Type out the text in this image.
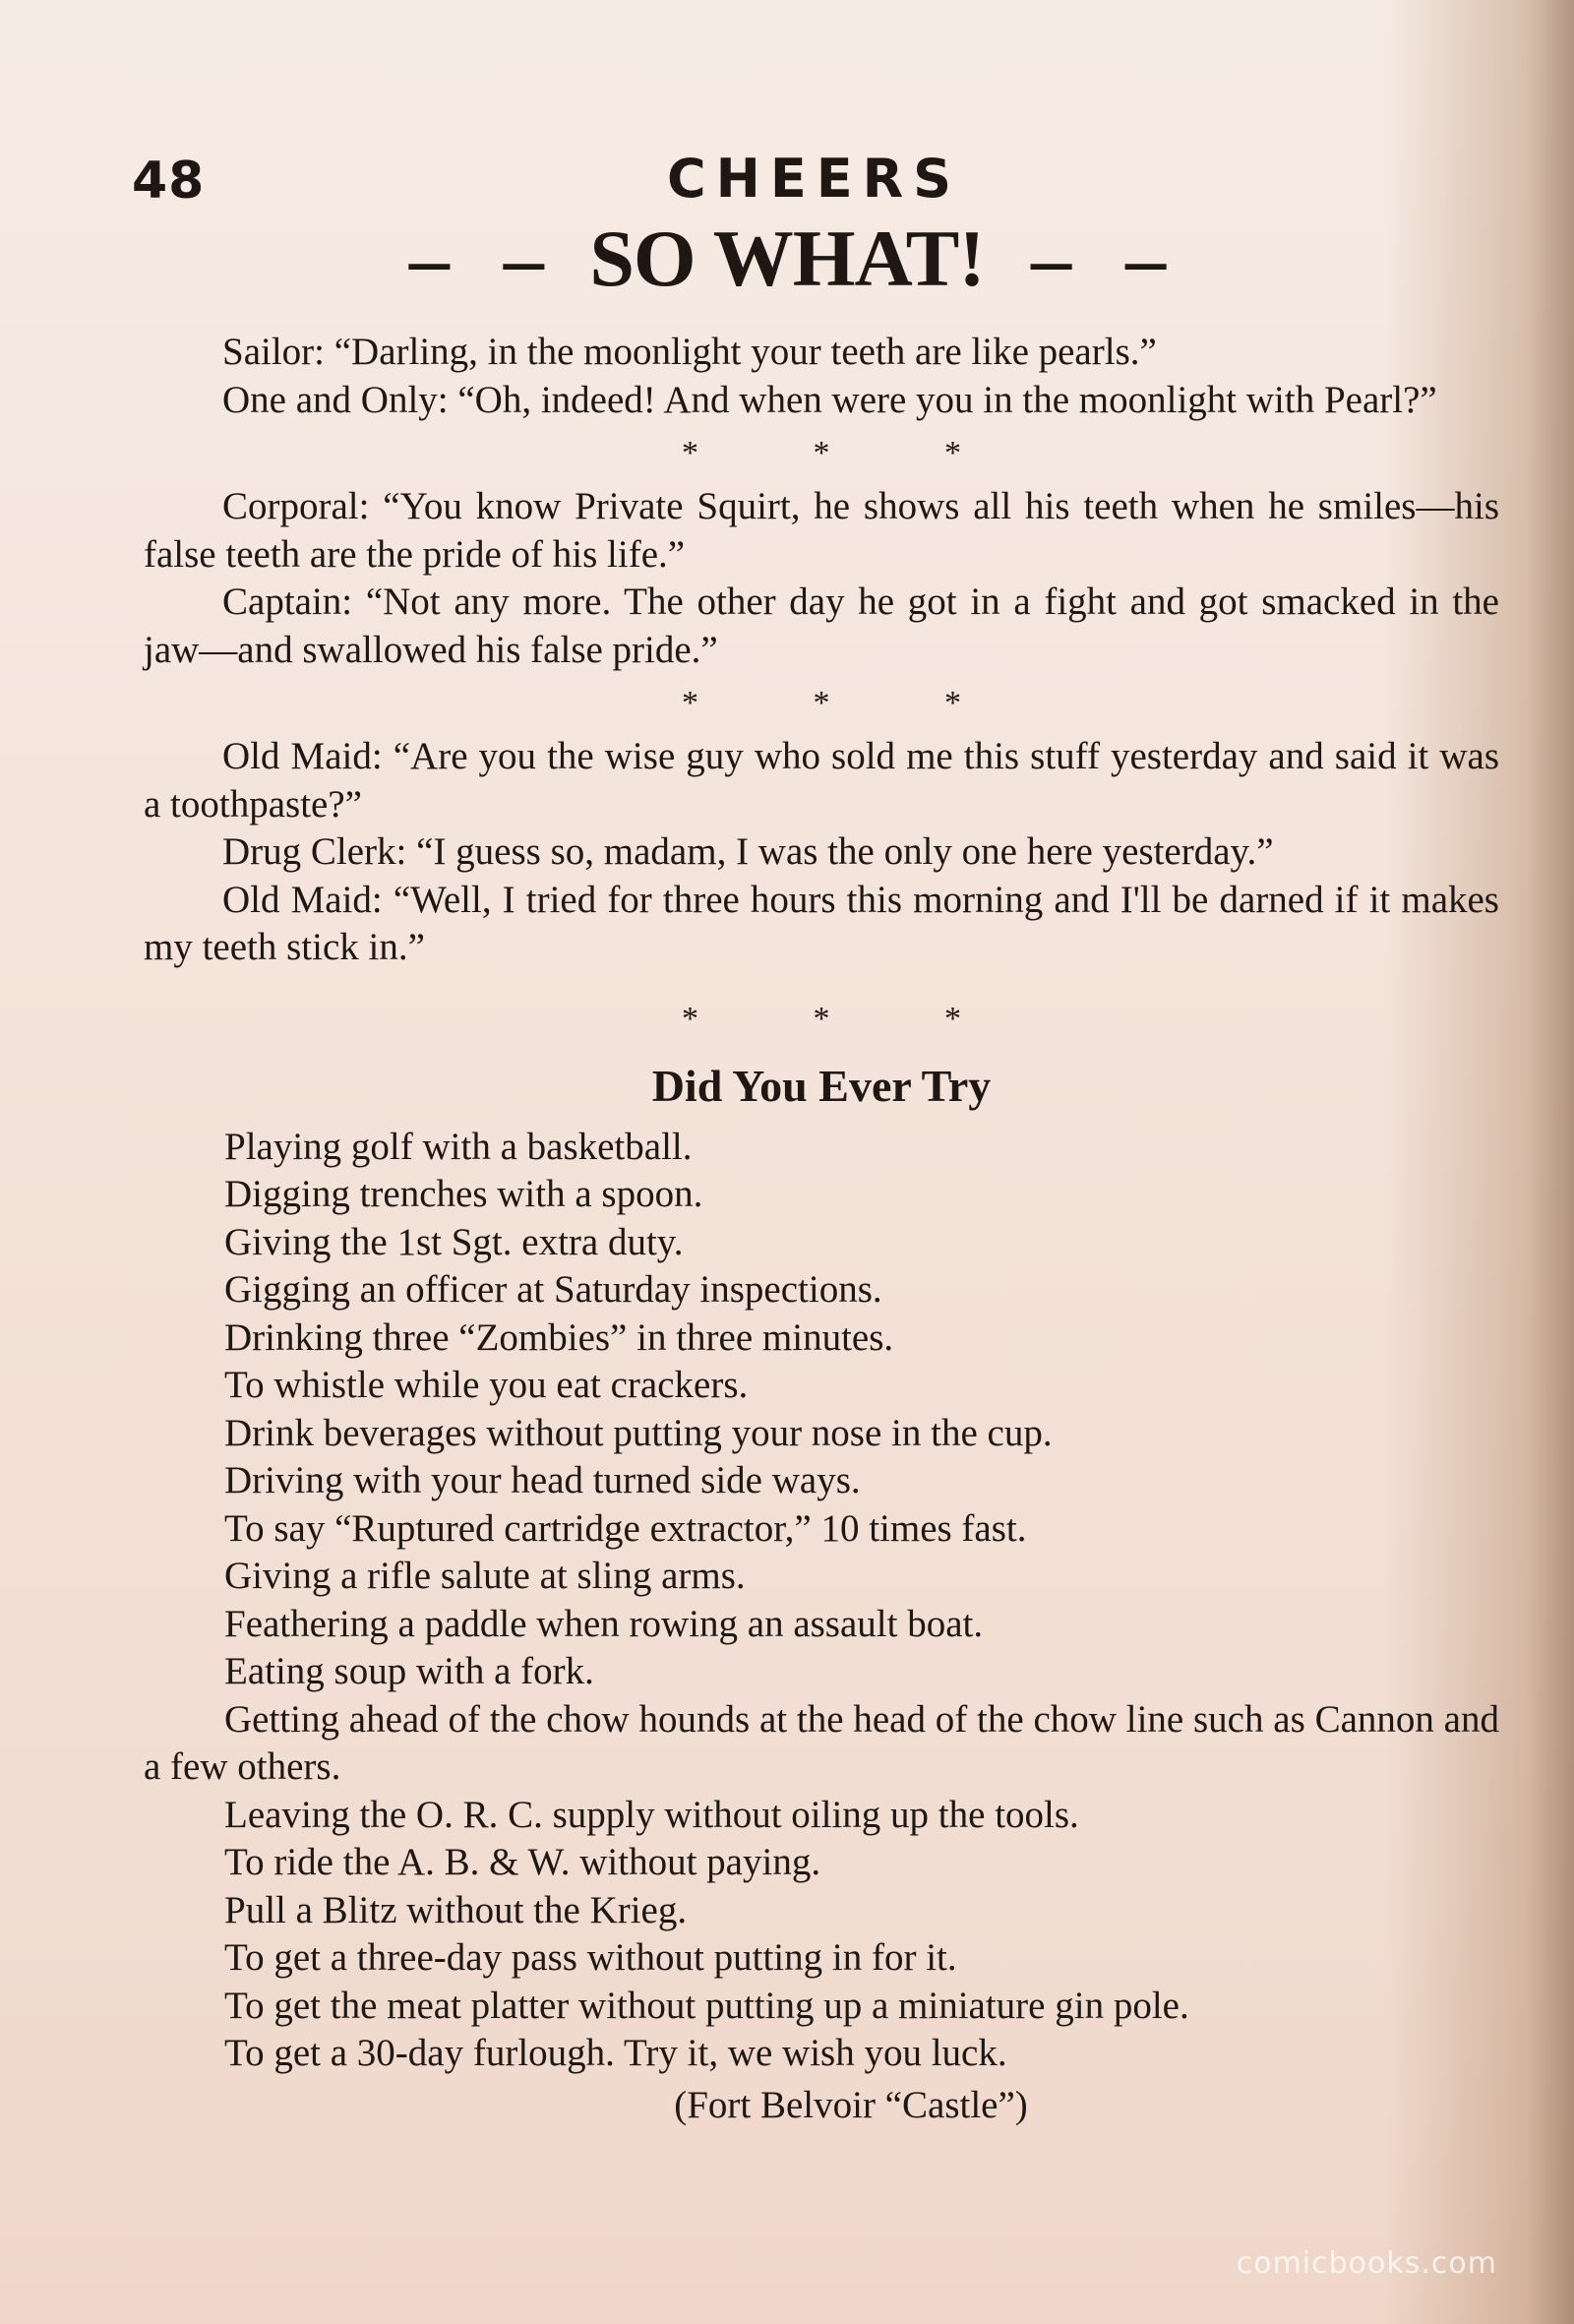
48	CHEERS
– – SO WHAT! – –

Sailor: “Darling, in the moonlight your teeth are like pearls.”

One and Only: “Oh, indeed! And when were you in the moonlight with Pearl?”

* * *

Corporal: “You know Private Squirt, he shows all his teeth when he smiles—his false teeth are the pride of his life.”

Captain: “Not any more. The other day he got in a fight and got smacked in the jaw—and swallowed his false pride.”

* * *

Old Maid: “Are you the wise guy who sold me this stuff yesterday and said it was a toothpaste?”

Drug Clerk: “I guess so, madam, I was the only one here yesterday.”

Old Maid: “Well, I tried for three hours this morning and I'll be darned if it makes my teeth stick in.”

* * *
Did You Ever Try
Playing golf with a basketball.
Digging trenches with a spoon.
Giving the 1st Sgt. extra duty.
Gigging an officer at Saturday inspections.
Drinking three “Zombies” in three minutes.
To whistle while you eat crackers.
Drink beverages without putting your nose in the cup.
Driving with your head turned side ways.
To say “Ruptured cartridge extractor,” 10 times fast.
Giving a rifle salute at sling arms.
Feathering a paddle when rowing an assault boat.
Eating soup with a fork.
Getting ahead of the chow hounds at the head of the chow line such as Cannon and a few others.
Leaving the O. R. C. supply without oiling up the tools.
To ride the A. B. & W. without paying.
Pull a Blitz without the Krieg.
To get a three-day pass without putting in for it.
To get the meat platter without putting up a miniature gin pole.
To get a 30-day furlough. Try it, we wish you luck.
(Fort Belvoir “Castle”)
comicbooks.com
